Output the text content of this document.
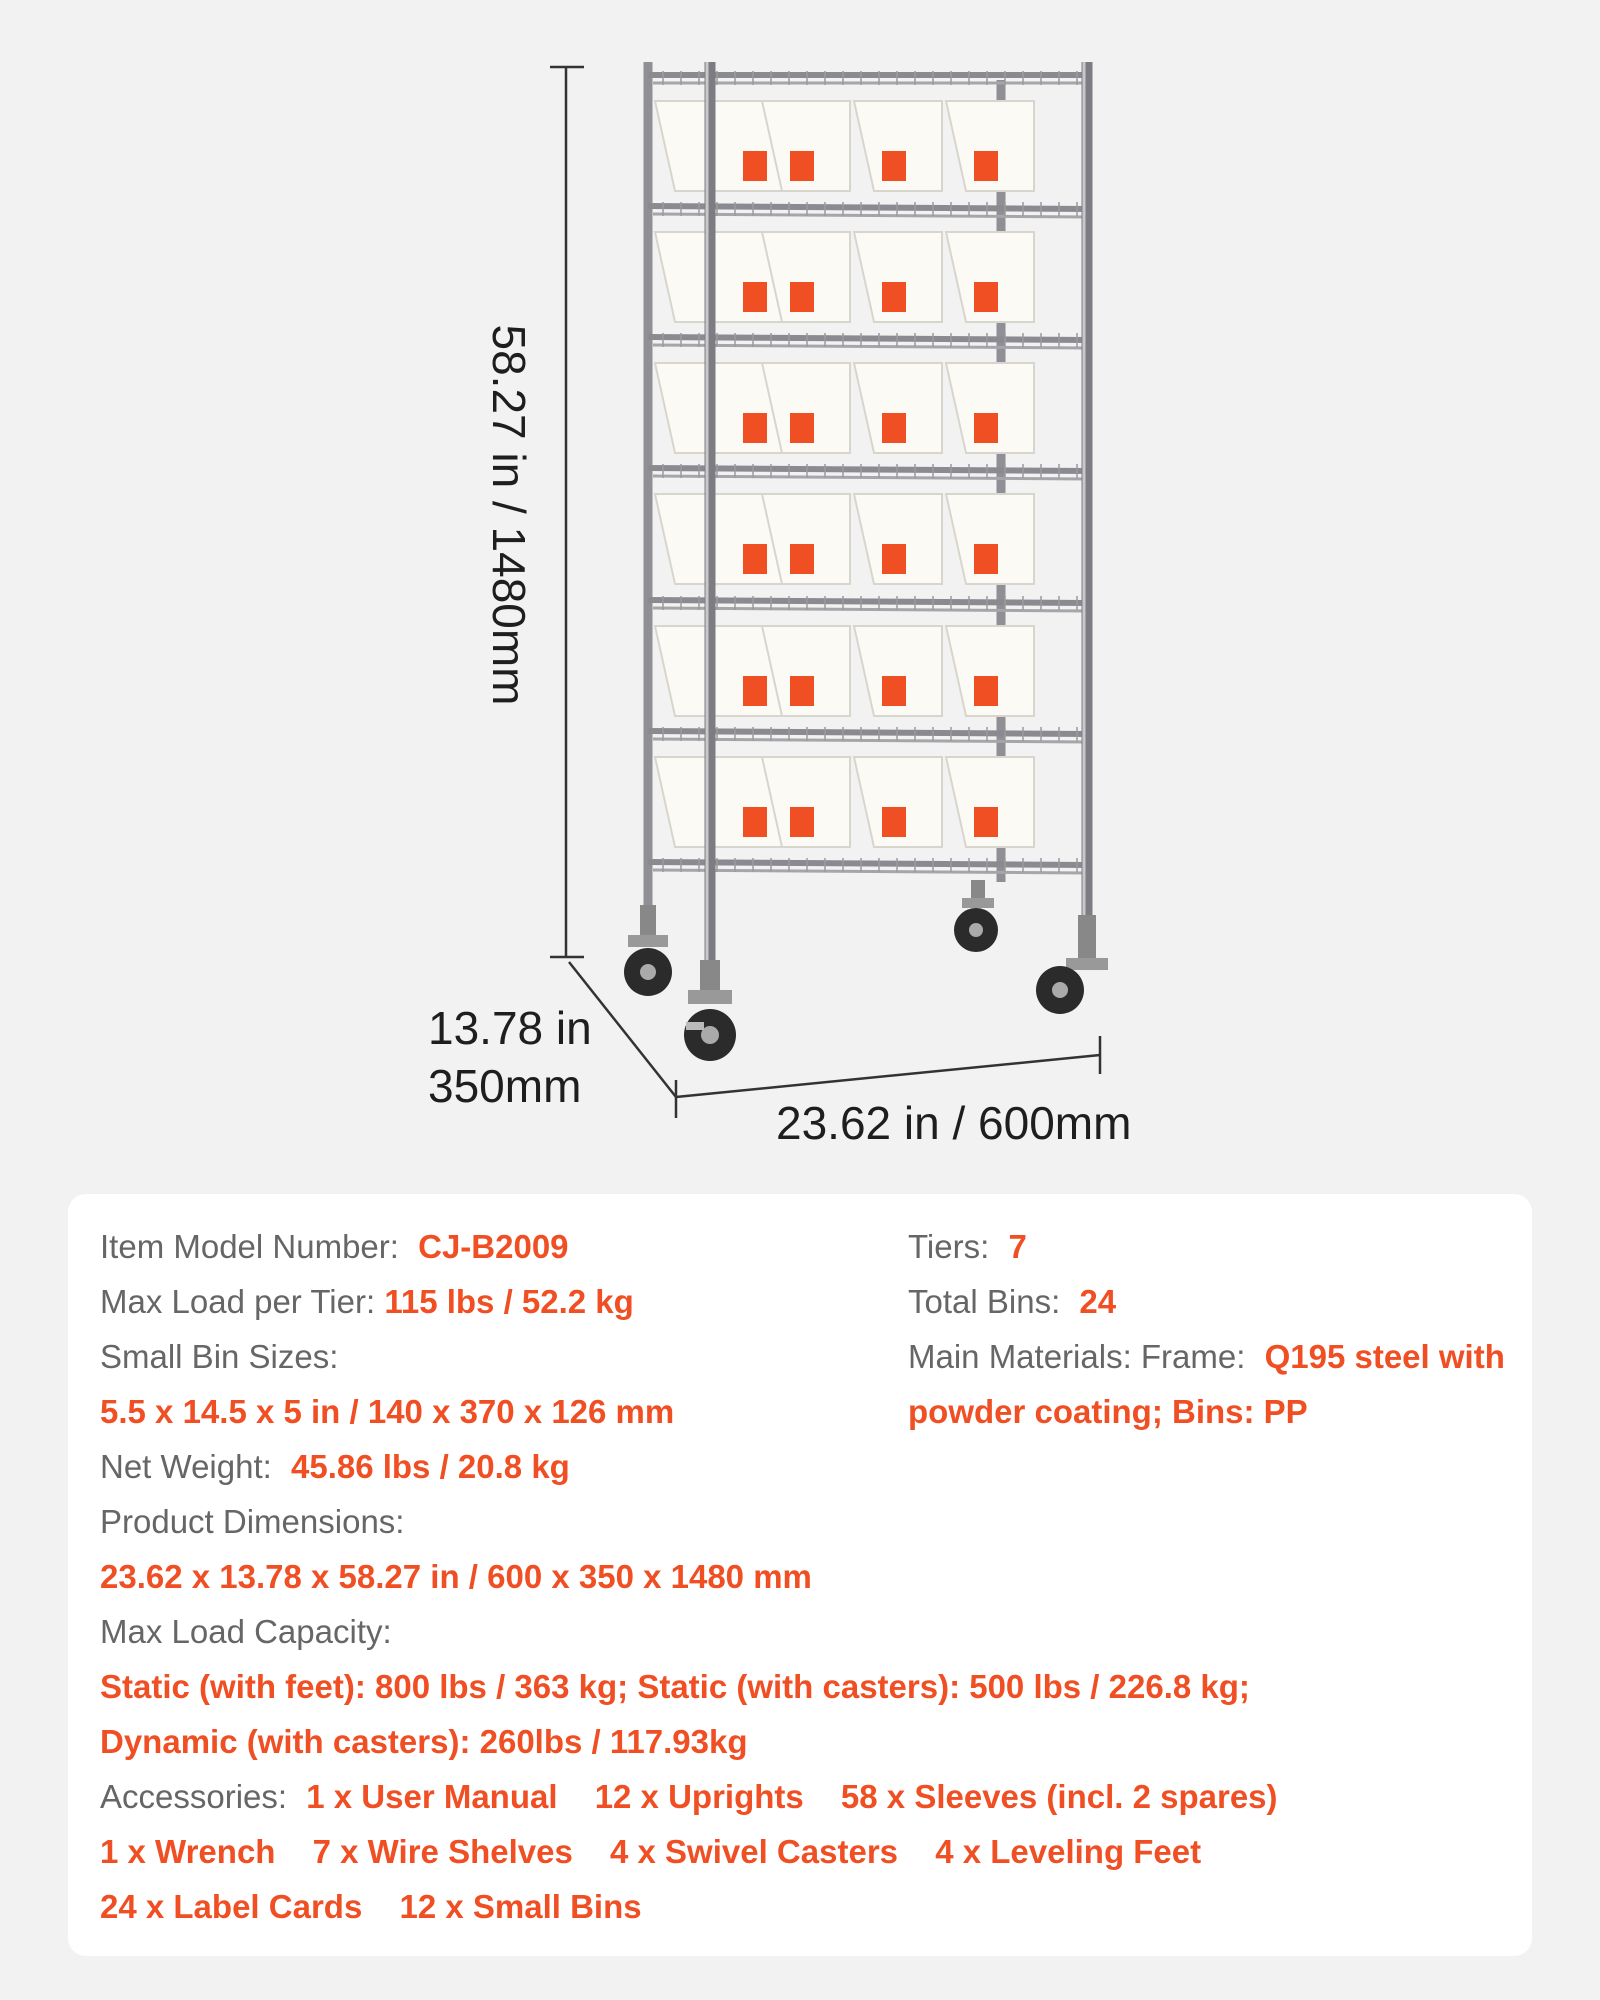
58.27 in / 1480mm
13.78 in
350mm
23.62 in / 600mm
Item Model Number: CJ-B2009
Max Load per Tier: 115 lbs / 52.2 kg
Small Bin Sizes:
5.5 x 14.5 x 5 in / 140 x 370 x 126 mm
Net Weight: 45.86 lbs / 20.8 kg
Product Dimensions:
23.62 x 13.78 x 58.27 in / 600 x 350 x 1480 mm
Max Load Capacity:
Static (with feet): 800 lbs / 363 kg; Static (with casters): 500 lbs / 226.8 kg;
Dynamic (with casters): 260lbs / 117.93kg
Accessories: 1 x User Manual 12 x Uprights 58 x Sleeves (incl. 2 spares)
1 x Wrench 7 x Wire Shelves 4 x Swivel Casters 4 x Leveling Feet
24 x Label Cards 12 x Small Bins
Tiers: 7
Total Bins: 24
Main Materials: Frame: Q195 steel with
powder coating; Bins: PP
